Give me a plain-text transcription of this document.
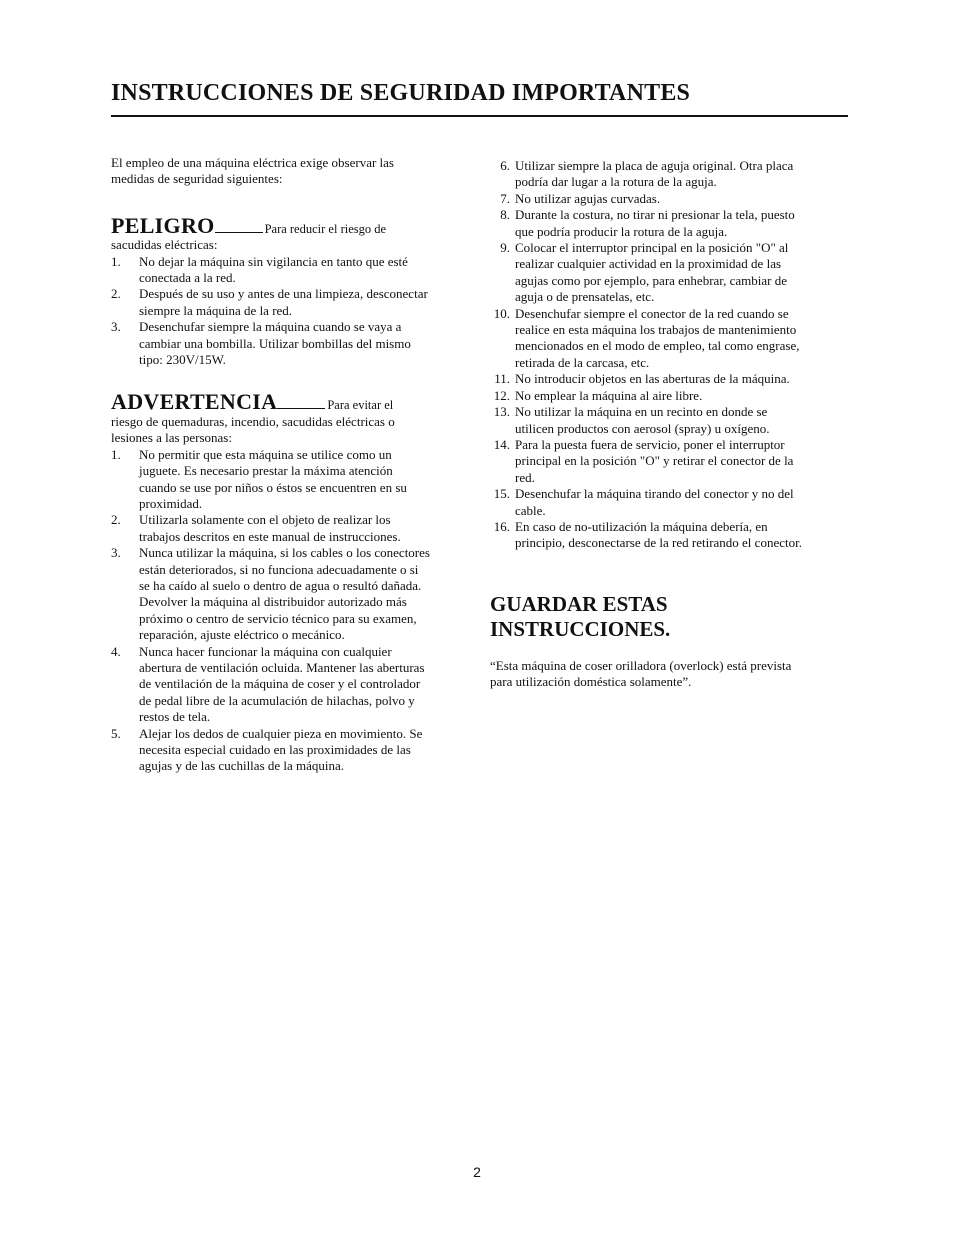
INSTRUCCIONES DE SEGURIDAD IMPORTANTES

El empleo de una máquina eléctrica exige observar las medidas de seguridad siguientes:

PELIGRO	Para reducir el riesgo de

sacudidas eléctricas:

1. No dejar la máquina sin vigilancia en tanto que esté conectada a la red.
2. Después de su uso y antes de una limpieza, desconectar siempre la máquina de la red.
3. Desenchufar siempre la máquina cuando se vaya a cambiar una bombilla. Utilizar bombillas del mismo tipo: 230V/15W.

ADVERTENCIA	Para evitar el

riesgo de quemaduras, incendio, sacudidas eléctricas o lesiones a las personas:

1. No permitir que esta máquina se utilice como un juguete. Es necesario prestar la máxima atención cuando se use por niños o éstos se encuentren en su proximidad.
2. Utilizarla solamente con el objeto de realizar los trabajos descritos en este manual de instrucciones.
3. Nunca utilizar la máquina, si los cables o los conectores están deteriorados, si no funciona adecuadamente o si se ha caído al suelo o dentro de agua o resultó dañada. Devolver la máquina al distribuidor autorizado más próximo o centro de servicio técnico para su examen, reparación, ajuste eléctrico o mecánico.
4. Nunca hacer funcionar la máquina con cualquier abertura de ventilación ocluida. Mantener las aberturas de ventilación de la máquina de coser y el controlador de pedal libre de la acumulación de hilachas, polvo y restos de tela.
5. Alejar los dedos de cualquier pieza en movimiento. Se necesita especial cuidado en las proximidades de las agujas y de las cuchillas de la máquina.
6. Utilizar siempre la placa de aguja original. Otra placa podría dar lugar a la rotura de la aguja.
7. No utilizar agujas curvadas.
8. Durante la costura, no tirar ni presionar la tela, puesto que podría producir la rotura de la aguja.
9. Colocar el interruptor principal en la posición "O" al realizar cualquier actividad en la proximidad de las agujas como por ejemplo, para enhebrar, cambiar de aguja o de prensatelas, etc.
10. Desenchufar siempre el conector de la red cuando se realice en esta máquina los trabajos de mantenimiento mencionados en el modo de empleo, tal como engrase, retirada de la carcasa, etc.
11. No introducir objetos en las aberturas de la máquina.
12. No emplear la máquina al aire libre.
13. No utilizar la máquina en un recinto en donde se utilicen productos con aerosol (spray) u oxígeno.
14. Para la puesta fuera de servicio, poner el interruptor principal en la posición "O" y retirar el conector de la red.
15. Desenchufar la máquina tirando del conector y no del cable.
16. En caso de no-utilización la máquina debería, en principio, desconectarse de la red retirando el conector.
GUARDAR ESTAS
INSTRUCCIONES.

“Esta máquina de coser orilladora (overlock) está prevista para utilización doméstica solamente”.

2
